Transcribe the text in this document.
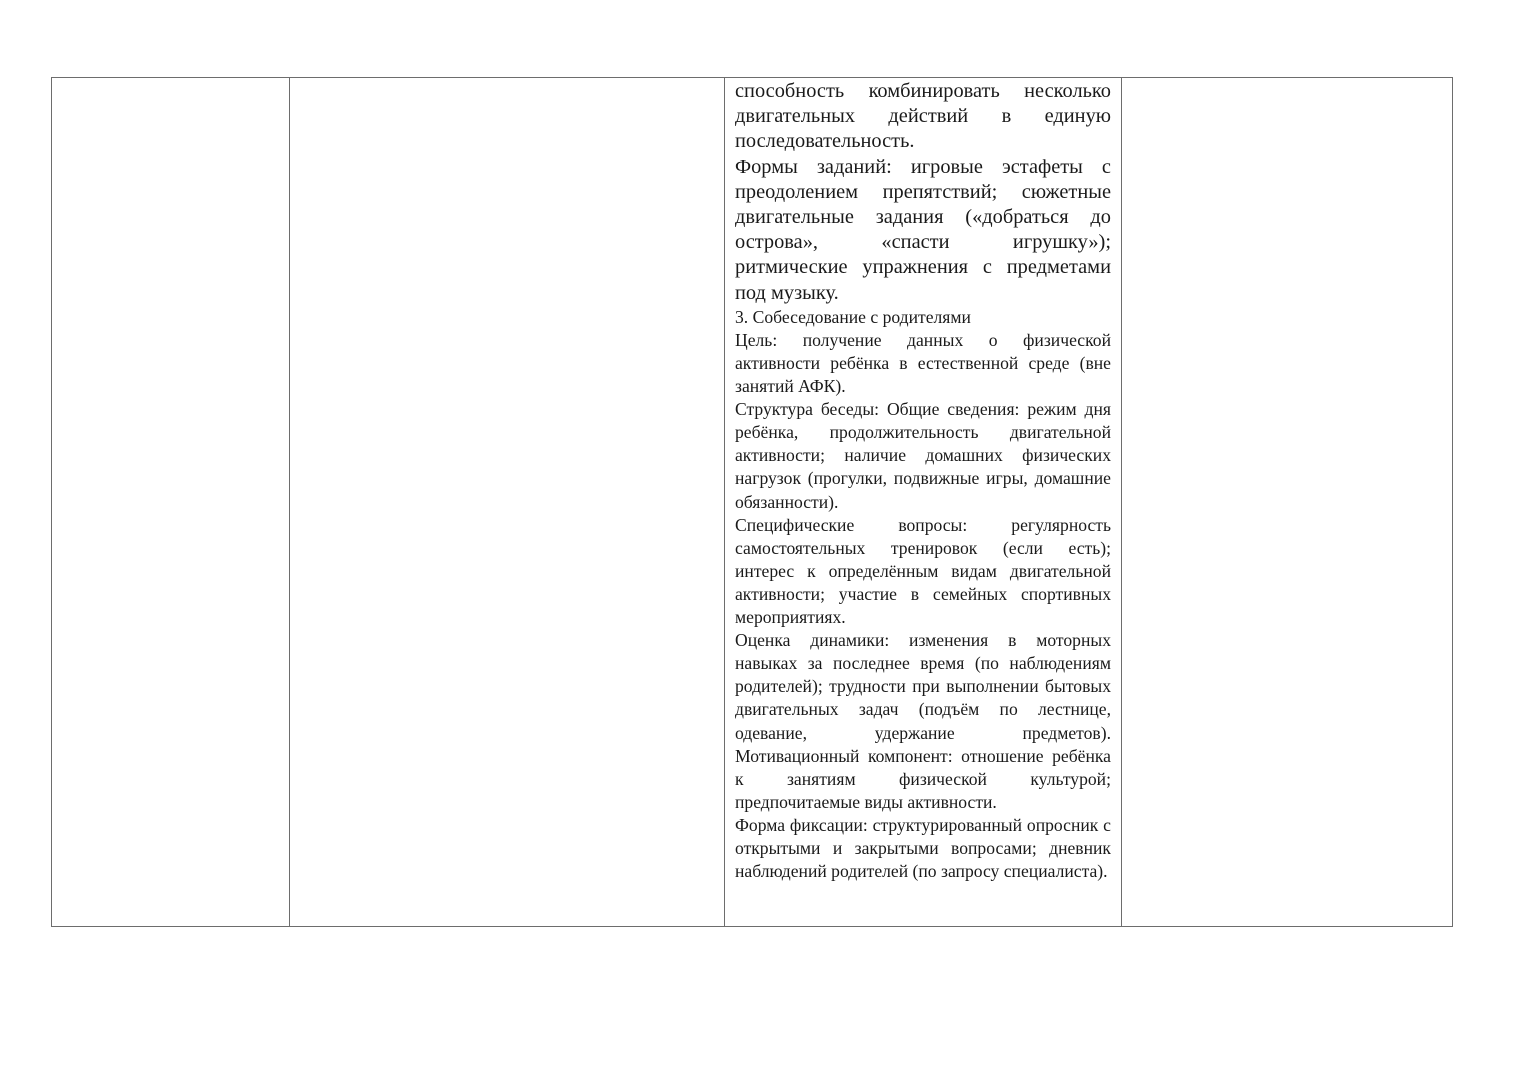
способность комбинировать несколько двигательных действий в единую последовательность.

Формы заданий: игровые эстафеты с преодолением препятствий; сюжетные двигательные задания («добраться до острова», «спасти игрушку»); ритмические упражнения с предметами под музыку.

3. Собеседование с родителями

Цель: получение данных о физической активности ребёнка в естественной среде (вне занятий АФК).

Структура беседы: Общие сведения: режим дня ребёнка, продолжительность двигательной активности; наличие домашних физических нагрузок (прогулки, подвижные игры, домашние обязанности).

Специфические вопросы: регулярность самостоятельных тренировок (если есть); интерес к определённым видам двигательной активности; участие в семейных спортивных мероприятиях.

Оценка динамики: изменения в моторных навыках за последнее время (по наблюдениям родителей); трудности при выполнении бытовых двигательных задач (подъём по лестнице, одевание, удержание предметов). Мотивационный компонент: отношение ребёнка к занятиям физической культурой; предпочитаемые виды активности.

Форма фиксации: структурированный опросник с открытыми и закрытыми вопросами; дневник наблюдений родителей (по запросу специалиста).
